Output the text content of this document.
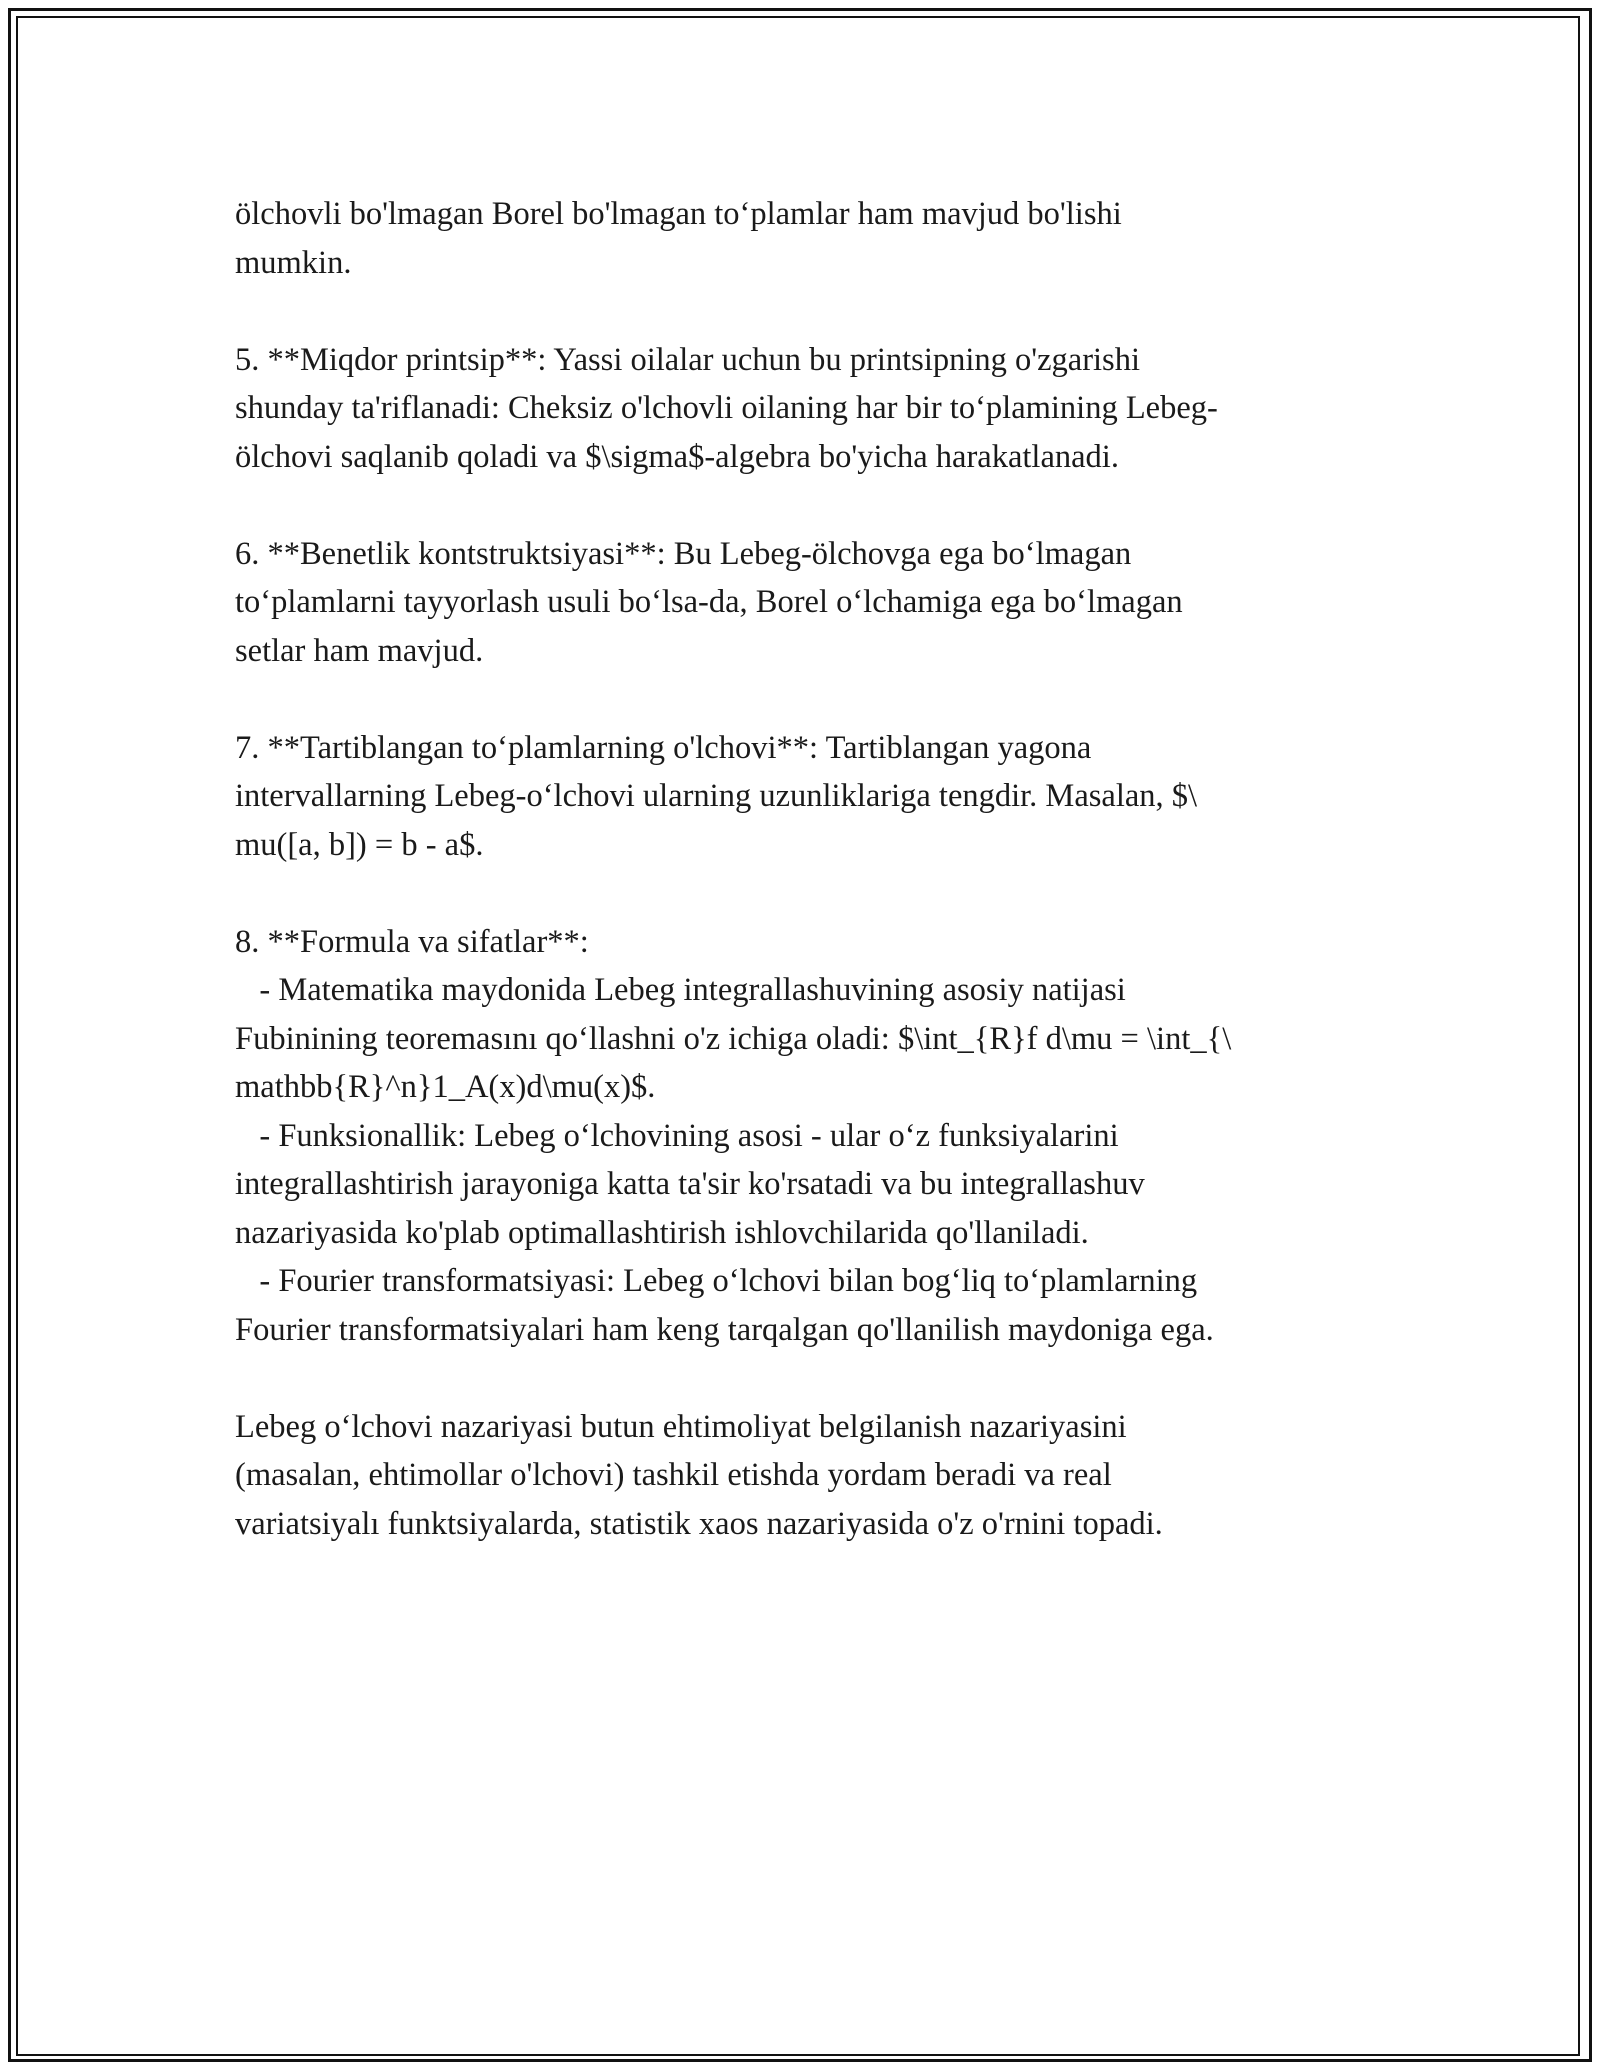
ölchovli bo'lmagan Borel bo'lmagan to‘plamlar ham mavjud bo'lishi
mumkin.

5. **Miqdor printsip**: Yassi oilalar uchun bu printsipning o'zgarishi
shunday ta'riflanadi: Cheksiz o'lchovli oilaning har bir to‘plamining Lebeg-
ölchovi saqlanib qoladi va $\sigma$-algebra bo'yicha harakatlanadi.

6. **Benetlik kontstruktsiyasi**: Bu Lebeg-ölchovga ega bo‘lmagan
to‘plamlarni tayyorlash usuli bo‘lsa-da, Borel o‘lchamiga ega bo‘lmagan
setlar ham mavjud.

7. **Tartiblangan to‘plamlarning o'lchovi**: Tartiblangan yagona
intervallarning Lebeg-o‘lchovi ularning uzunliklariga tengdir. Masalan, $\
mu([a, b]) = b - a$.

8. **Formula va sifatlar**:
- Matematika maydonida Lebeg integrallashuvining asosiy natijasi
Fubinining teoremasını qo‘llashni o'z ichiga oladi: $\int_{R}f d\mu = \int_{\
mathbb{R}^n}1_A(x)d\mu(x)$.
- Funksionallik: Lebeg o‘lchovining asosi - ular o‘z funksiyalarini
integrallashtirish jarayoniga katta ta'sir ko'rsatadi va bu integrallashuv
nazariyasida ko'plab optimallashtirish ishlovchilarida qo'llaniladi.
- Fourier transformatsiyasi: Lebeg o‘lchovi bilan bog‘liq to‘plamlarning
Fourier transformatsiyalari ham keng tarqalgan qo'llanilish maydoniga ega.

Lebeg o‘lchovi nazariyasi butun ehtimoliyat belgilanish nazariyasini
(masalan, ehtimollar o'lchovi) tashkil etishda yordam beradi va real
variatsiyalı funktsiyalarda, statistik xaos nazariyasida o'z o'rnini topadi.
